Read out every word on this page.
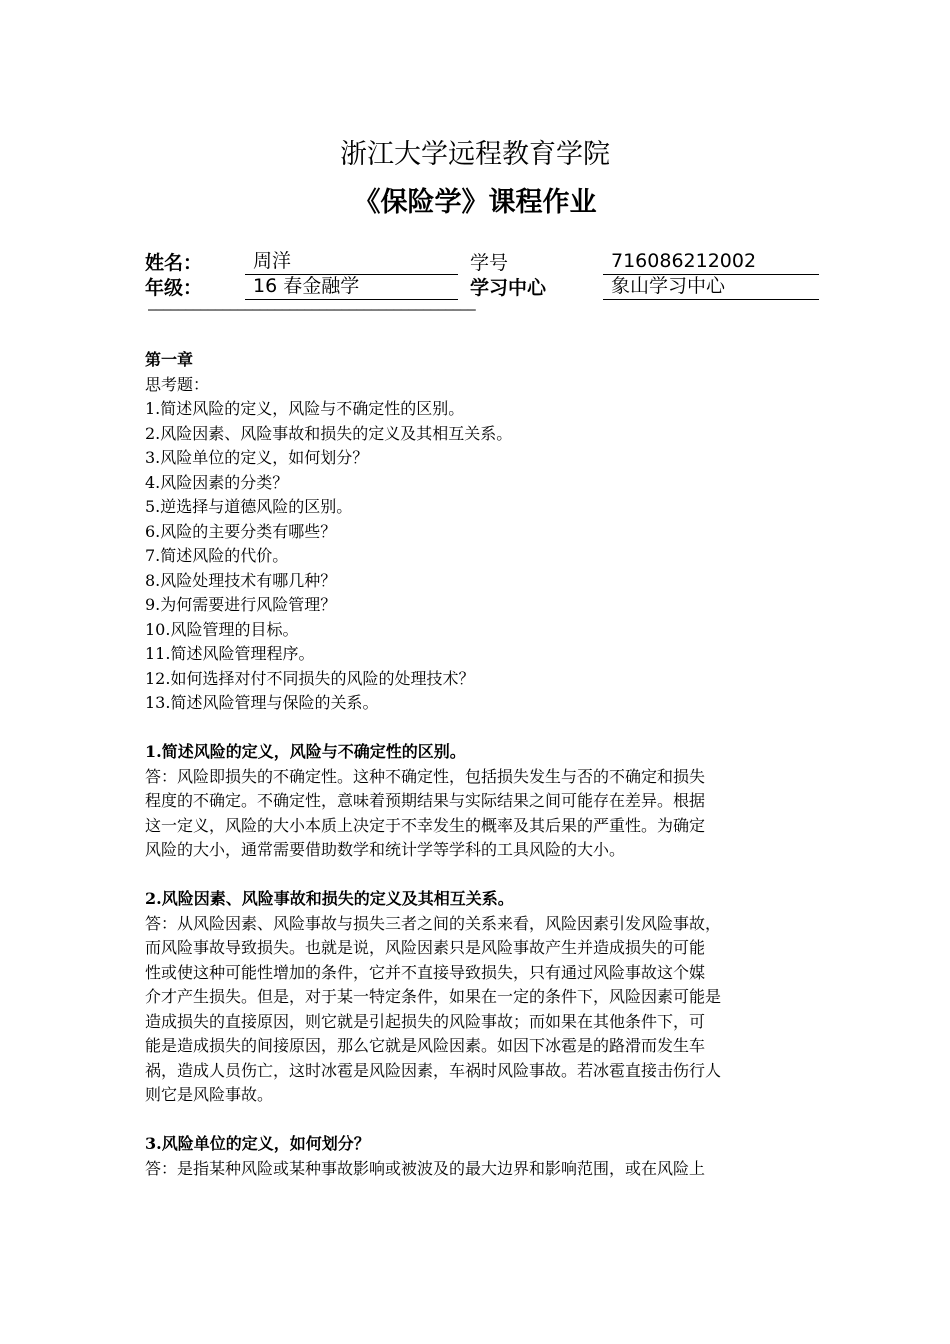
浙江大学远程教育学院
《保险学》课程作业
姓名：	周洋	学号	716086212002
年级：	16 春金融学	学习中心	象山学习中心
————————————————————————————————————————————

第一章

思考题：

1.简述风险的定义，风险与不确定性的区别。

2.风险因素、风险事故和损失的定义及其相互关系。

3.风险单位的定义，如何划分？

4.风险因素的分类？

5.逆选择与道德风险的区别。

6.风险的主要分类有哪些？

7.简述风险的代价。

8.风险处理技术有哪几种？

9.为何需要进行风险管理？

10.风险管理的目标。

11.简述风险管理程序。

12.如何选择对付不同损失的风险的处理技术？

13.简述风险管理与保险的关系。

1.简述风险的定义，风险与不确定性的区别。

答：风险即损失的不确定性。这种不确定性，包括损失发生与否的不确定和损失

程度的不确定。不确定性，意味着预期结果与实际结果之间可能存在差异。根据

这一定义，风险的大小本质上决定于不幸发生的概率及其后果的严重性。为确定

风险的大小，通常需要借助数学和统计学等学科的工具风险的大小。

2.风险因素、风险事故和损失的定义及其相互关系。

答：从风险因素、风险事故与损失三者之间的关系来看，风险因素引发风险事故，

而风险事故导致损失。也就是说，风险因素只是风险事故产生并造成损失的可能

性或使这种可能性增加的条件，它并不直接导致损失，只有通过风险事故这个媒

介才产生损失。但是，对于某一特定条件，如果在一定的条件下，风险因素可能是

造成损失的直接原因，则它就是引起损失的风险事故；而如果在其他条件下，可

能是造成损失的间接原因，那么它就是风险因素。如因下冰雹是的路滑而发生车

祸，造成人员伤亡，这时冰雹是风险因素，车祸时风险事故。若冰雹直接击伤行人

则它是风险事故。

3.风险单位的定义，如何划分？

答：是指某种风险或某种事故影响或被波及的最大边界和影响范围，或在风险上
